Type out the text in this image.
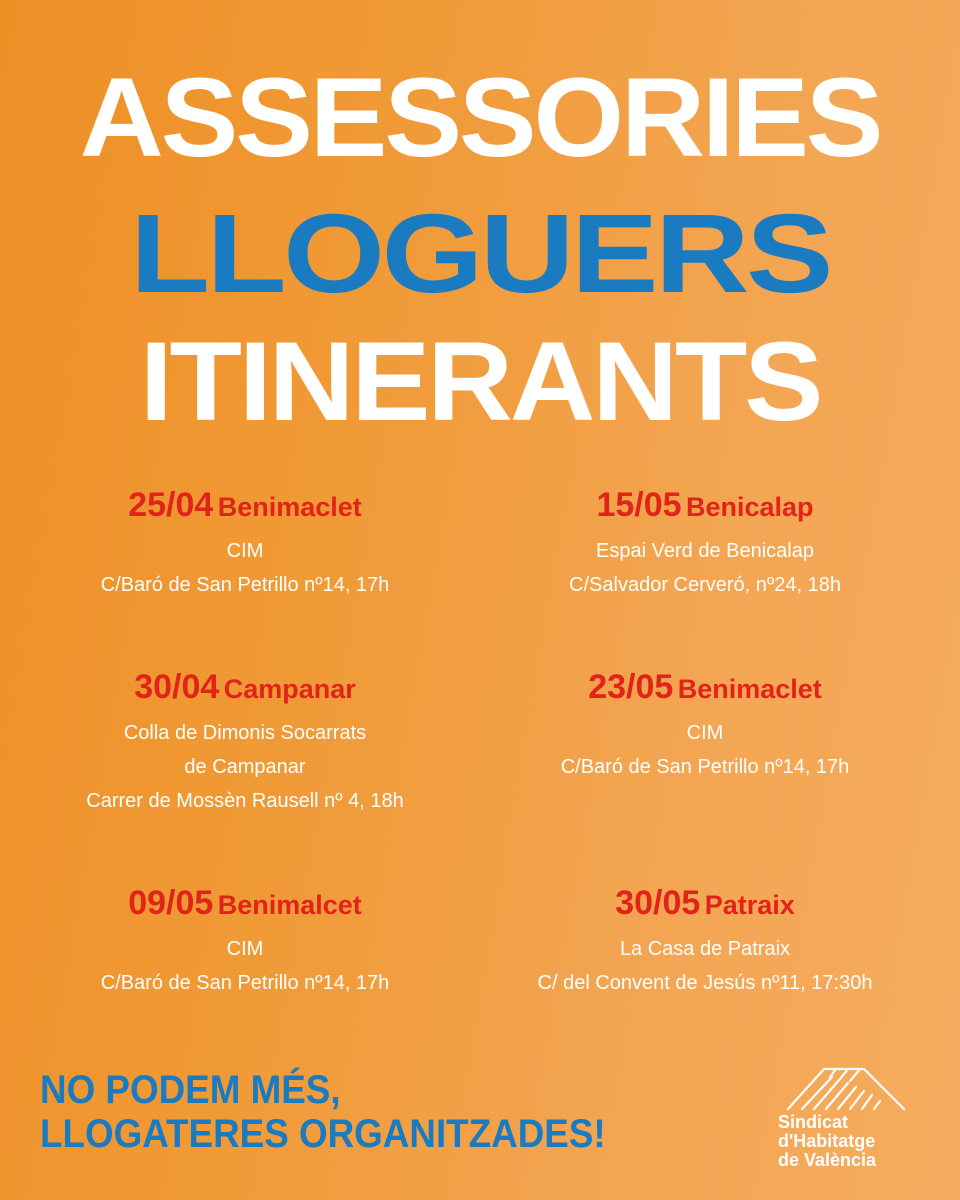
ASSESSORIES
LLOGUERS
ITINERANTS
25/04 Benimaclet
CIM
C/Baró de San Petrillo nº14, 17h
30/04 Campanar
Colla de Dimonis Socarrats
de Campanar
Carrer de Mossèn Rausell nº 4, 18h
09/05 Benimalcet
CIM
C/Baró de San Petrillo nº14, 17h
15/05 Benicalap
Espai Verd de Benicalap
C/Salvador Cerveró, nº24, 18h
23/05 Benimaclet
CIM
C/Baró de San Petrillo nº14, 17h
30/05 Patraix
La Casa de Patraix
C/ del Convent de Jesús nº11, 17:30h
NO PODEM MÉS,
LLOGATERES ORGANITZADES!	Sindicat
d'Habitatge
de València
